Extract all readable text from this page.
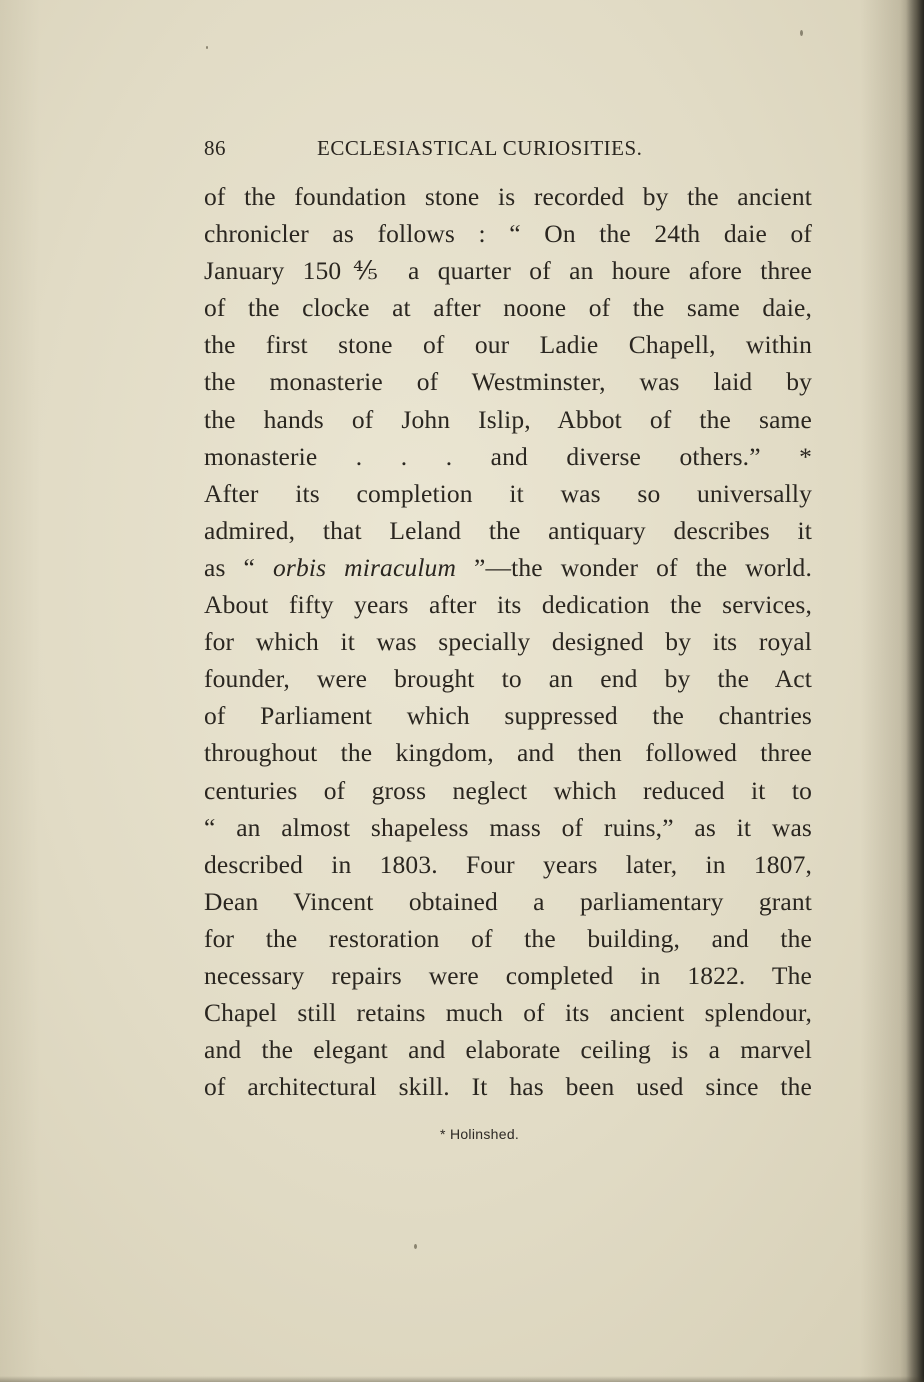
86	ECCLESIASTICAL CURIOSITIES.
of the foundation stone is recorded by the ancient
chronicler as follows : “ On the 24th daie of
January 150⅘ a quarter of an houre afore three
of the clocke at after noone of the same daie,
the first stone of our Ladie Chapell, within
the monasterie of Westminster, was laid by
the hands of John Islip, Abbot of the same
monasterie . . . and diverse others.” *
After its completion it was so universally
admired, that Leland the antiquary describes it
as “ orbis miraculum ”—the wonder of the world.
About fifty years after its dedication the services,
for which it was specially designed by its royal
founder, were brought to an end by the Act
of Parliament which suppressed the chantries
throughout the kingdom, and then followed three
centuries of gross neglect which reduced it to
“ an almost shapeless mass of ruins,” as it was
described in 1803. Four years later, in 1807,
Dean Vincent obtained a parliamentary grant
for the restoration of the building, and the
necessary repairs were completed in 1822. The
Chapel still retains much of its ancient splendour,
and the elegant and elaborate ceiling is a marvel
of architectural skill. It has been used since the
* Holinshed.
